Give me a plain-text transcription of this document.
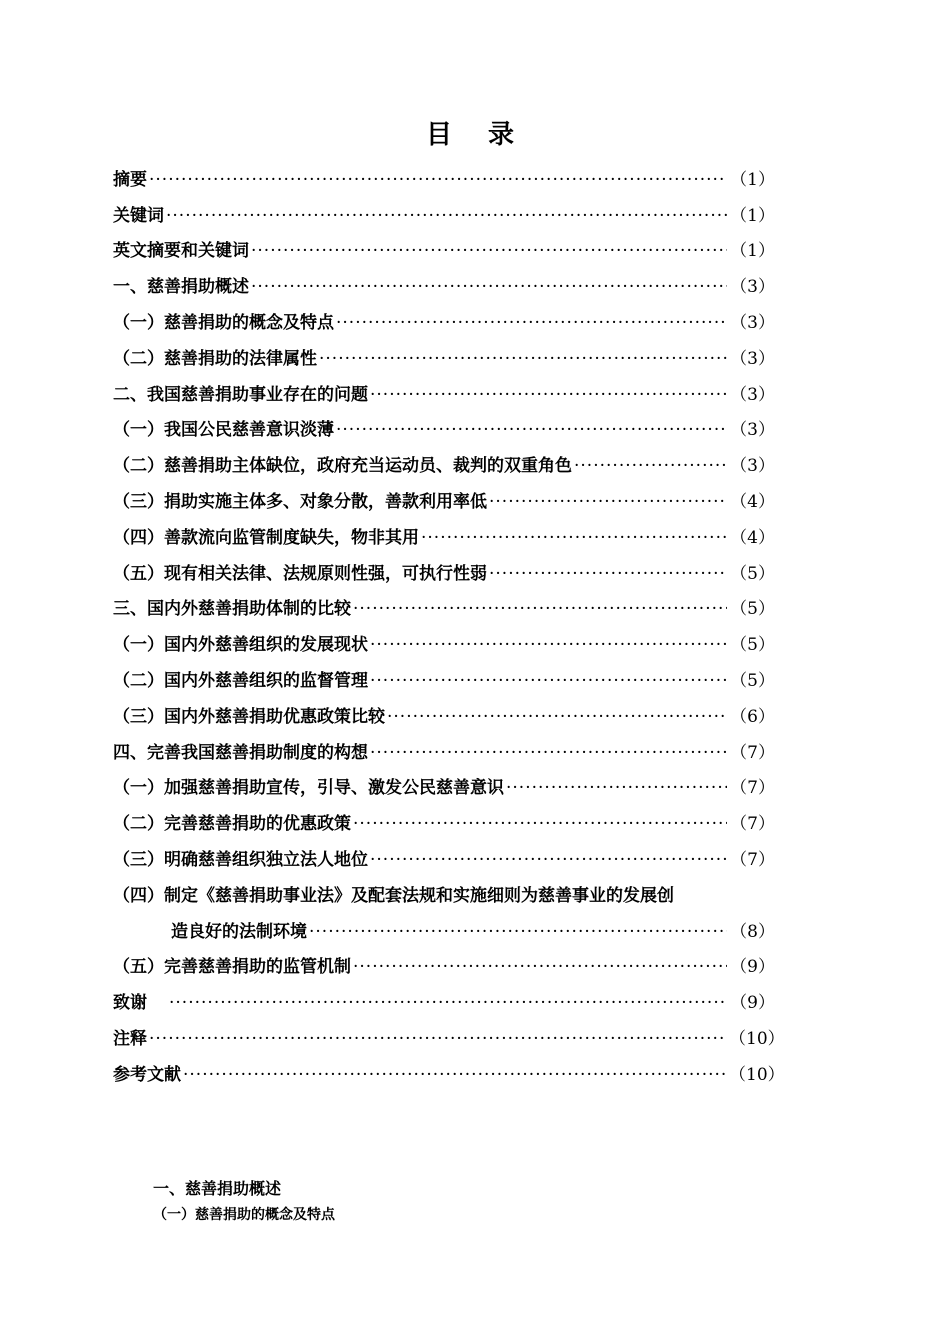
目录
摘要 ·····	（1）
关键词 ·····	（1）
英文摘要和关键词 ·····	（1）
一、慈善捐助概述 ·····	（3）
（一）慈善捐助的概念及特点 ·····	（3）
（二）慈善捐助的法律属性 ·····	（3）
二、我国慈善捐助事业存在的问题 ·····	（3）
（一）我国公民慈善意识淡薄 ·····	（3）
（二）慈善捐助主体缺位，政府充当运动员、裁判的双重角色 ·····	（3）
（三）捐助实施主体多、对象分散，善款利用率低 ·····	（4）
（四）善款流向监管制度缺失，物非其用 ·····	（4）
（五）现有相关法律、法规原则性强，可执行性弱 ·····	（5）
三、国内外慈善捐助体制的比较 ·····	（5）
（一）国内外慈善组织的发展现状 ·····	（5）
（二）国内外慈善组织的监督管理 ·····	（5）
（三）国内外慈善捐助优惠政策比较 ·····	（6）
四、完善我国慈善捐助制度的构想 ·····	（7）
（一）加强慈善捐助宣传，引导、激发公民慈善意识 ·····	（7）
（二）完善慈善捐助的优惠政策 ·····	（7）
（三）明确慈善组织独立法人地位 ·····	（7）
（四）制定《慈善捐助事业法》及配套法规和实施细则为慈善事业的发展创
造良好的法制环境 ·····	（8）
（五）完善慈善捐助的监管机制 ·····	（9）
致谢 ·····	（9）
注释 ·····	（10）
参考文献 ·····	（10）
一、慈善捐助概述
（一）慈善捐助的概念及特点
